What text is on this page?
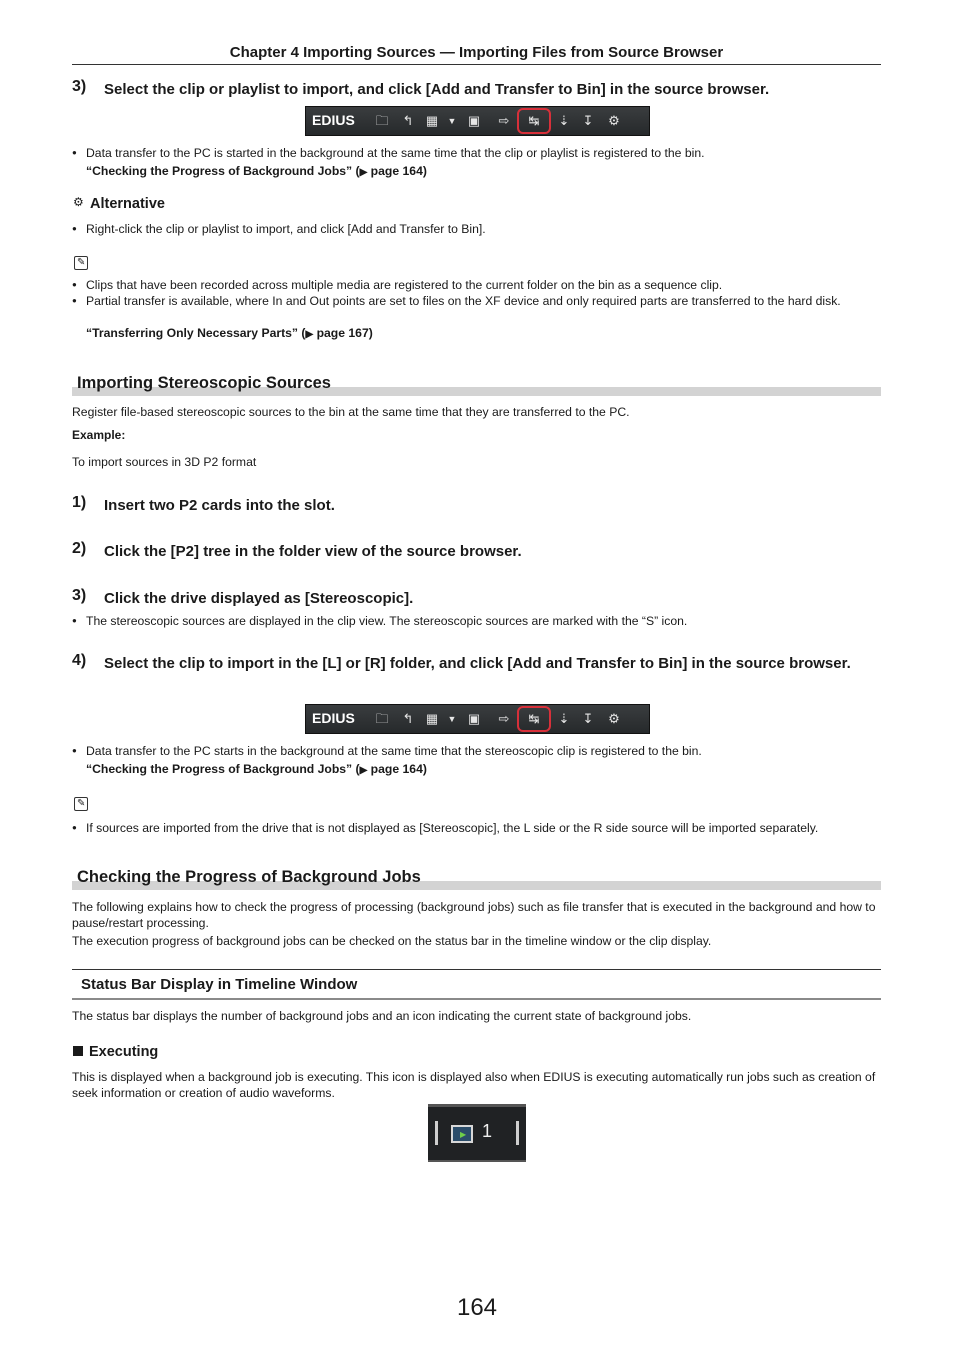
Chapter 4 Importing Sources — Importing Files from Source Browser
3) Select the clip or playlist to import, and click [Add and Transfer to Bin] in the source browser.
EDIUS 🗀 ↰ ▦	▼ ▣ ⇨ ↹ ⇣ ↧ ⚙
● Data transfer to the PC is started in the background at the same time that the clip or playlist is registered to the bin.
“Checking the Progress of Background Jobs” (▶ page 164)
⚙ Alternative
● Right-click the clip or playlist to import, and click [Add and Transfer to Bin].
✎
● Clips that have been recorded across multiple media are registered to the current folder on the bin as a sequence clip.
● Partial transfer is available, where In and Out points are set to files on the XF device and only required parts are transferred to the hard disk.
“Transferring Only Necessary Parts” (▶ page 167)
Importing Stereoscopic Sources
Register file-based stereoscopic sources to the bin at the same time that they are transferred to the PC.
Example:
To import sources in 3D P2 format
1) Insert two P2 cards into the slot.
2) Click the [P2] tree in the folder view of the source browser.
3) Click the drive displayed as [Stereoscopic].
● The stereoscopic sources are displayed in the clip view. The stereoscopic sources are marked with the “S” icon.
4) Select the clip to import in the [L] or [R] folder, and click [Add and Transfer to Bin] in the source browser.
EDIUS 🗀 ↰ ▦	▼ ▣ ⇨ ↹ ⇣ ↧ ⚙
● Data transfer to the PC starts in the background at the same time that the stereoscopic clip is registered to the bin.
“Checking the Progress of Background Jobs” (▶ page 164)
✎
● If sources are imported from the drive that is not displayed as [Stereoscopic], the L side or the R side source will be imported separately.
Checking the Progress of Background Jobs
The following explains how to check the progress of processing (background jobs) such as file transfer that is executed in the background and how to pause/restart processing.
The execution progress of background jobs can be checked on the status bar in the timeline window or the clip display.
Status Bar Display in Timeline Window
The status bar displays the number of background jobs and an icon indicating the current state of background jobs.
Executing
This is displayed when a background job is executing. This icon is displayed also when EDIUS is executing automatically run jobs such as creation of seek information or creation of audio waveforms.
▶ 1
164
